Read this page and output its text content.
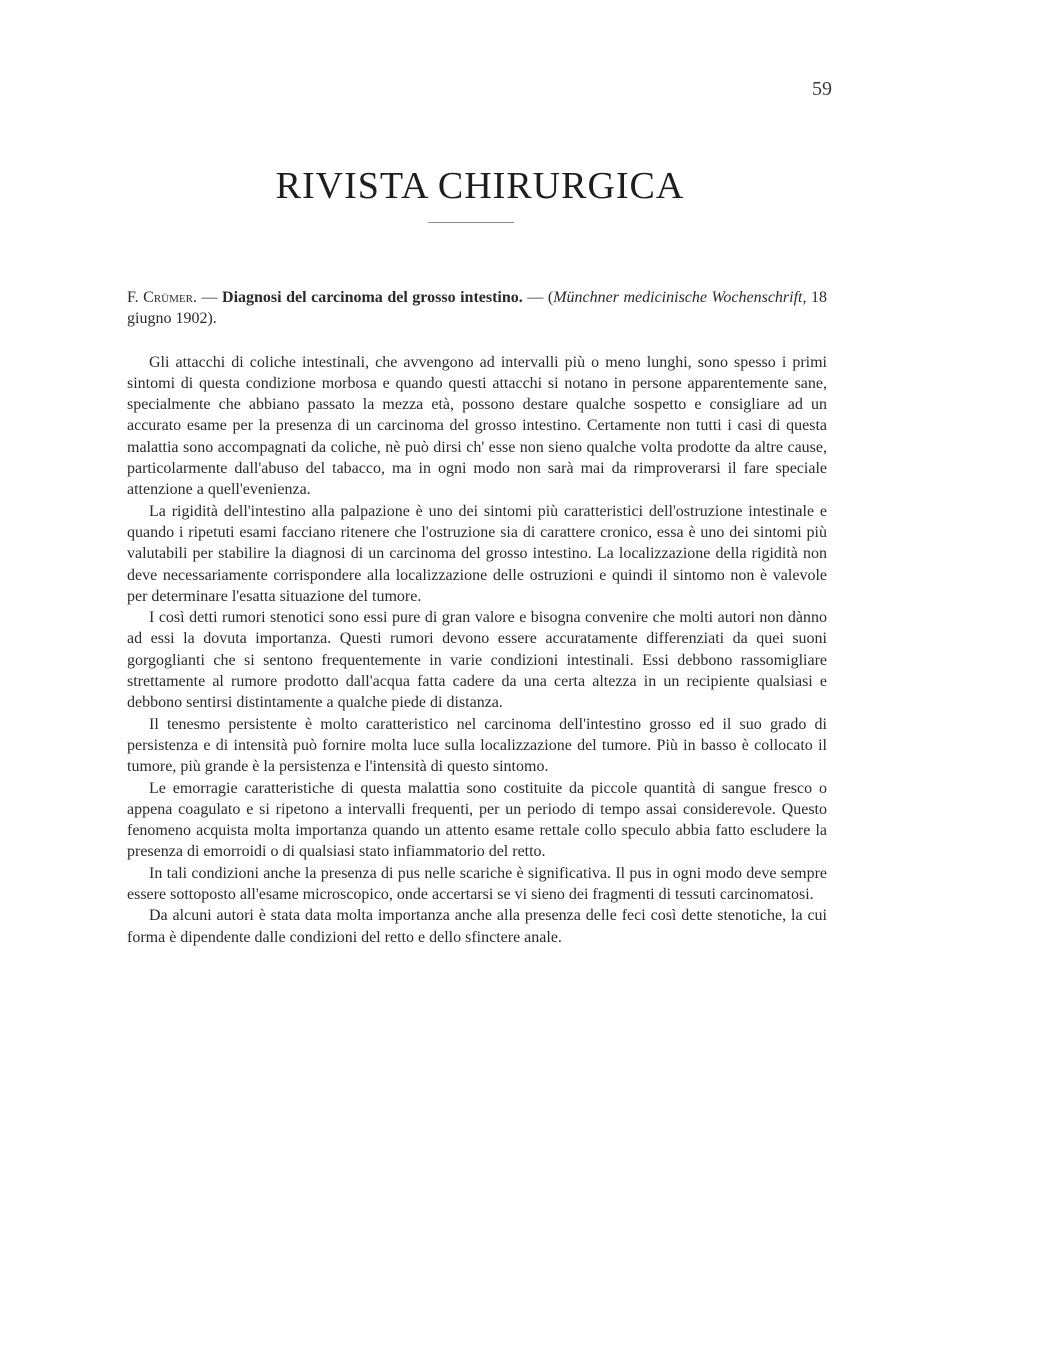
59
RIVISTA CHIRURGICA

F. Crümer. — Diagnosi del carcinoma del grosso intestino. — (Münchner medicinische Wochenschrift, 18 giugno 1902).

Gli attacchi di coliche intestinali, che avvengono ad intervalli più o meno lunghi, sono spesso i primi sintomi di questa condizione morbosa e quando questi attacchi si notano in persone apparentemente sane, specialmente che abbiano passato la mezza età, possono destare qualche sospetto e consigliare ad un accurato esame per la presenza di un carcinoma del grosso intestino. Certamente non tutti i casi di questa malattia sono accompagnati da coliche, nè può dirsi ch' esse non sieno qualche volta prodotte da altre cause, particolarmente dall'abuso del tabacco, ma in ogni modo non sarà mai da rimproverarsi il fare speciale attenzione a quell'evenienza.

La rigidità dell'intestino alla palpazione è uno dei sintomi più caratteristici dell'ostruzione intestinale e quando i ripetuti esami facciano ritenere che l'ostruzione sia di carattere cronico, essa è uno dei sintomi più valutabili per stabilire la diagnosi di un carcinoma del grosso intestino. La localizzazione della rigidità non deve necessariamente corrispondere alla localizzazione delle ostruzioni e quindi il sintomo non è valevole per determinare l'esatta situazione del tumore.

I così detti rumori stenotici sono essi pure di gran valore e bisogna convenire che molti autori non dànno ad essi la dovuta importanza. Questi rumori devono essere accuratamente differenziati da quei suoni gorgoglianti che si sentono frequentemente in varie condizioni intestinali. Essi debbono rassomigliare strettamente al rumore prodotto dall'acqua fatta cadere da una certa altezza in un recipiente qualsiasi e debbono sentirsi distintamente a qualche piede di distanza.

Il tenesmo persistente è molto caratteristico nel carcinoma dell'intestino grosso ed il suo grado di persistenza e di intensità può fornire molta luce sulla localizzazione del tumore. Più in basso è collocato il tumore, più grande è la persistenza e l'intensità di questo sintomo.

Le emorragie caratteristiche di questa malattia sono costituite da piccole quantità di sangue fresco o appena coagulato e si ripetono a intervalli frequenti, per un periodo di tempo assai considerevole. Questo fenomeno acquista molta importanza quando un attento esame rettale collo speculo abbia fatto escludere la presenza di emorroidi o di qualsiasi stato infiammatorio del retto.

In tali condizioni anche la presenza di pus nelle scariche è significativa. Il pus in ogni modo deve sempre essere sottoposto all'esame microscopico, onde accertarsi se vi sieno dei fragmenti di tessuti carcinomatosi.

Da alcuni autori è stata data molta importanza anche alla presenza delle feci così dette stenotiche, la cui forma è dipendente dalle condizioni del retto e dello sfinctere anale.
